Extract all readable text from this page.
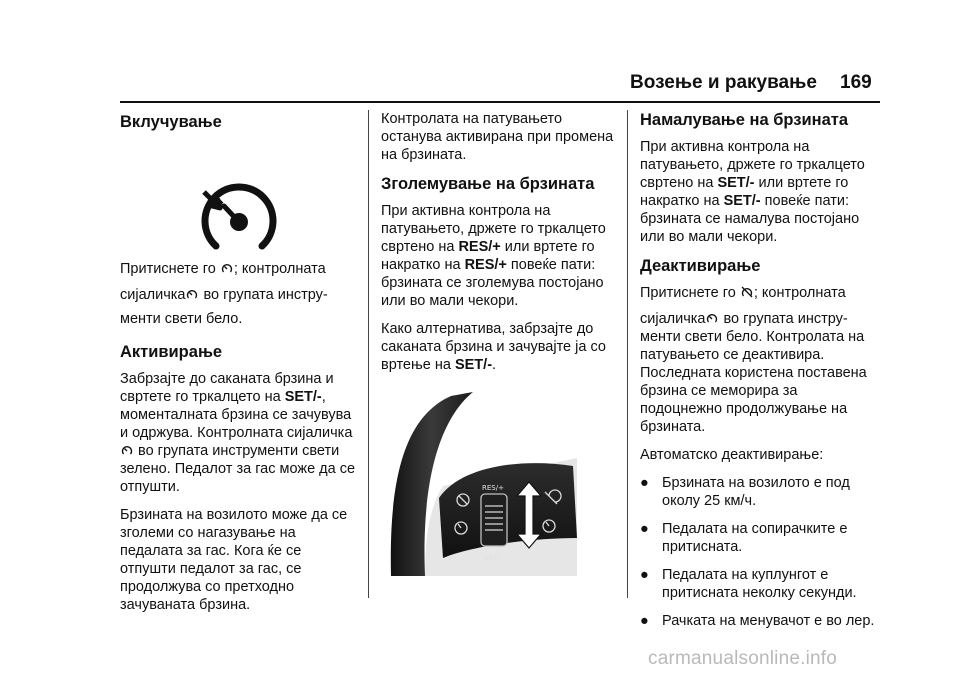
Возење и ракување 169
Вклучување

Притиснете го ; контролната
сијаличка во групата инстру-
менти свети бело.

Активирање

Забрзајте до саканата брзина и свртете го тркалцето на SET/-, моменталната брзина се зачувува и одржува. Контролната сијаличка  во групата инструменти свети зелено. Педалот за гас може да се отпушти.

Брзината на возилото може да се зголеми со нагазување на педалата за гас. Кога ќе се отпушти педалот за гас, се продолжува со претходно зачуваната брзина.

Контролата на патувањето останува активирана при промена на брзината.

Зголемување на брзината

При активна контрола на патувањето, држете го тркалцето свртено на RES/+ или вртете го накратко на RES/+ повеќе пати: брзината се зголемува постојано или во мали чекори.

Како алтернатива, забрзајте до саканата брзина и зачувајте ја со вртење на SET/-.

RES/+
SET/-
Намалување на брзината

При активна контрола на патувањето, држете го тркалцето свртено на SET/- или вртете го накратко на SET/- повеќе пати: брзината се намалува постојано или во мали чекори.

Деактивирање

Притиснете го ; контролната
сијаличка во групата инстру-
менти свети бело. Контролата на патувањето се деактивира. Последната користена поставена брзина се меморира за подоцнежно продолжување на брзината.

Автоматско деактивирање:

● Брзината на возилото е под околу 25 км/ч.
● Педалата на сопирачките е притисната.
● Педалата на куплунгот е притисната неколку секунди.
● Рачката на менувачот е во лер.
carmanualsonline.info
